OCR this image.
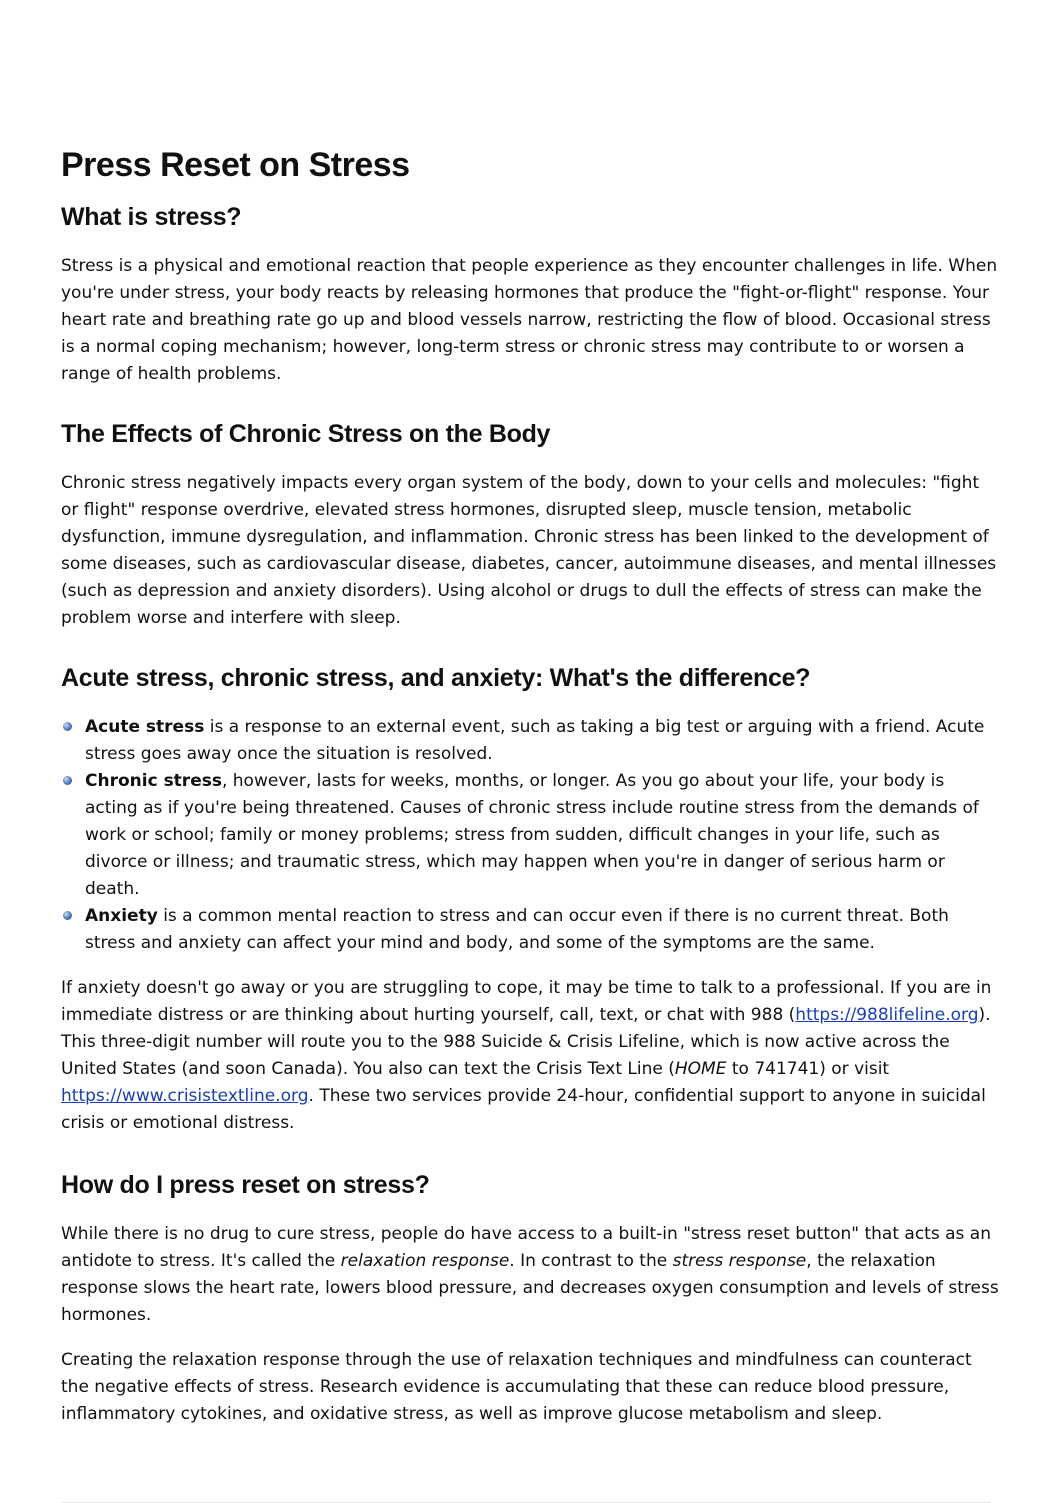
Press Reset on Stress
What is stress?

Stress is a physical and emotional reaction that people experience as they encounter challenges in life. When you're under stress, your body reacts by releasing hormones that produce the "fight-or-flight" response. Your heart rate and breathing rate go up and blood vessels narrow, restricting the flow of blood. Occasional stress is a normal coping mechanism; however, long-term stress or chronic stress may contribute to or worsen a range of health problems.

The Effects of Chronic Stress on the Body

Chronic stress negatively impacts every organ system of the body, down to your cells and molecules: "fight or flight" response overdrive, elevated stress hormones, disrupted sleep, muscle tension, metabolic dysfunction, immune dysregulation, and inflammation. Chronic stress has been linked to the development of some diseases, such as cardiovascular disease, diabetes, cancer, autoimmune diseases, and mental illnesses (such as depression and anxiety disorders). Using alcohol or drugs to dull the effects of stress can make the problem worse and interfere with sleep.

Acute stress, chronic stress, and anxiety: What's the difference?
Acute stress is a response to an external event, such as taking a big test or arguing with a friend. Acute stress goes away once the situation is resolved.
Chronic stress, however, lasts for weeks, months, or longer. As you go about your life, your body is acting as if you're being threatened. Causes of chronic stress include routine stress from the demands of work or school; family or money problems; stress from sudden, difficult changes in your life, such as divorce or illness; and traumatic stress, which may happen when you're in danger of serious harm or death.
Anxiety is a common mental reaction to stress and can occur even if there is no current threat. Both stress and anxiety can affect your mind and body, and some of the symptoms are the same.

If anxiety doesn't go away or you are struggling to cope, it may be time to talk to a professional. If you are in immediate distress or are thinking about hurting yourself, call, text, or chat with 988 (https://988lifeline.org). This three-digit number will route you to the 988 Suicide & Crisis Lifeline, which is now active across the United States (and soon Canada). You also can text the Crisis Text Line (HOME to 741741) or visit https://www.crisistextline.org. These two services provide 24-hour, confidential support to anyone in suicidal crisis or emotional distress.

How do I press reset on stress?

While there is no drug to cure stress, people do have access to a built-in "stress reset button" that acts as an antidote to stress. It's called the relaxation response. In contrast to the stress response, the relaxation response slows the heart rate, lowers blood pressure, and decreases oxygen consumption and levels of stress hormones.

Creating the relaxation response through the use of relaxation techniques and mindfulness can counteract the negative effects of stress. Research evidence is accumulating that these can reduce blood pressure, inflammatory cytokines, and oxidative stress, as well as improve glucose metabolism and sleep.
